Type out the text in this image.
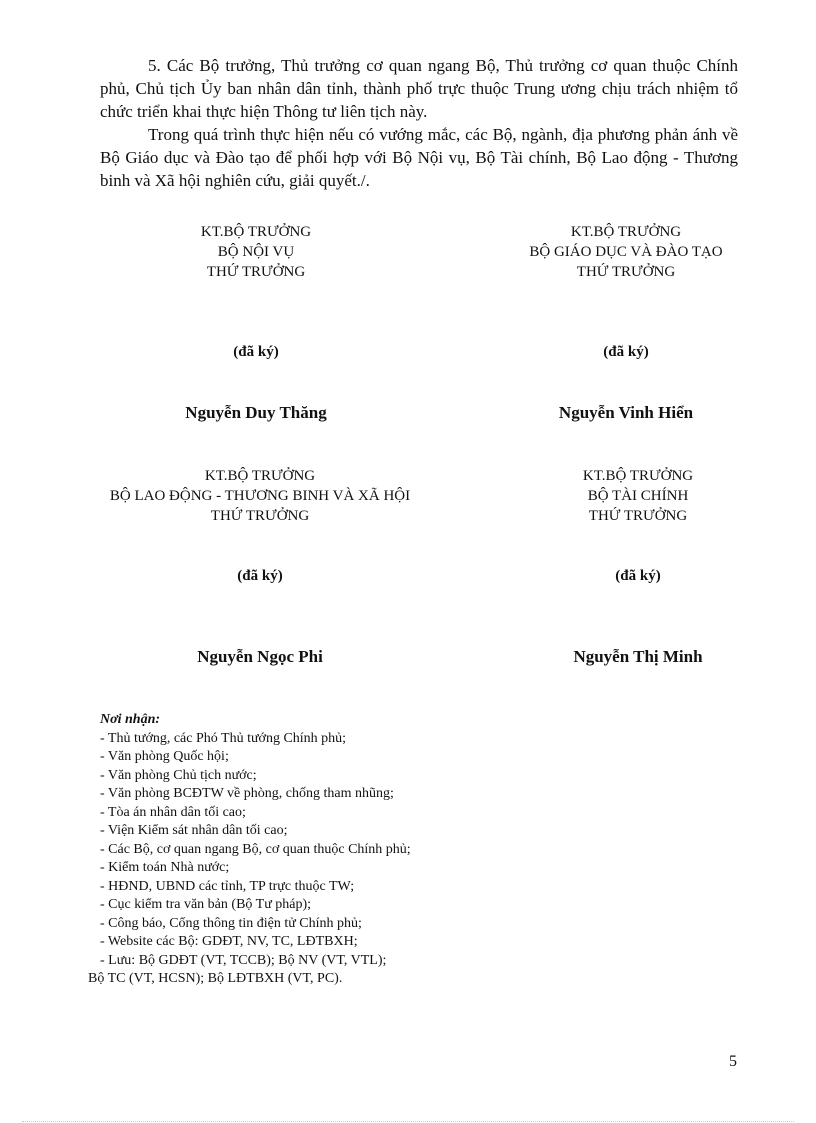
5. Các Bộ trưởng, Thủ trưởng cơ quan ngang Bộ, Thủ trưởng cơ quan thuộc Chính phủ, Chủ tịch Ủy ban nhân dân tỉnh, thành phố trực thuộc Trung ương chịu trách nhiệm tổ chức triển khai thực hiện Thông tư liên tịch này.

Trong quá trình thực hiện nếu có vướng mắc, các Bộ, ngành, địa phương phản ánh về Bộ Giáo dục và Đào tạo để phối hợp với Bộ Nội vụ, Bộ Tài chính, Bộ Lao động - Thương binh và Xã hội nghiên cứu, giải quyết./.

KT.BỘ TRƯỞNG
BỘ NỘI VỤ
THỨ TRƯỞNG
(đã ký)
Nguyễn Duy Thăng
KT.BỘ TRƯỞNG
BỘ GIÁO DỤC VÀ ĐÀO TẠO
THỨ TRƯỞNG
(đã ký)
Nguyễn Vinh Hiển
KT.BỘ TRƯỞNG
BỘ LAO ĐỘNG - THƯƠNG BINH VÀ XÃ HỘI
THỨ TRƯỞNG
(đã ký)
Nguyễn Ngọc Phi
KT.BỘ TRƯỞNG
BỘ TÀI CHÍNH
THỨ TRƯỞNG
(đã ký)
Nguyễn Thị Minh
Nơi nhận:
- Thủ tướng, các Phó Thủ tướng Chính phủ;
- Văn phòng Quốc hội;
- Văn phòng Chủ tịch nước;
- Văn phòng BCĐTW về phòng, chống tham nhũng;
- Tòa án nhân dân tối cao;
- Viện Kiểm sát nhân dân tối cao;
- Các Bộ, cơ quan ngang Bộ, cơ quan thuộc Chính phủ;
- Kiểm toán Nhà nước;
- HĐND, UBND các tỉnh, TP trực thuộc TW;
- Cục kiểm tra văn bản (Bộ Tư pháp);
- Công báo, Cổng thông tin điện tử Chính phủ;
- Website các Bộ: GDĐT, NV, TC, LĐTBXH;
- Lưu: Bộ GDĐT (VT, TCCB); Bộ NV (VT, VTL);
Bộ TC (VT, HCSN); Bộ LĐTBXH (VT, PC).
5
